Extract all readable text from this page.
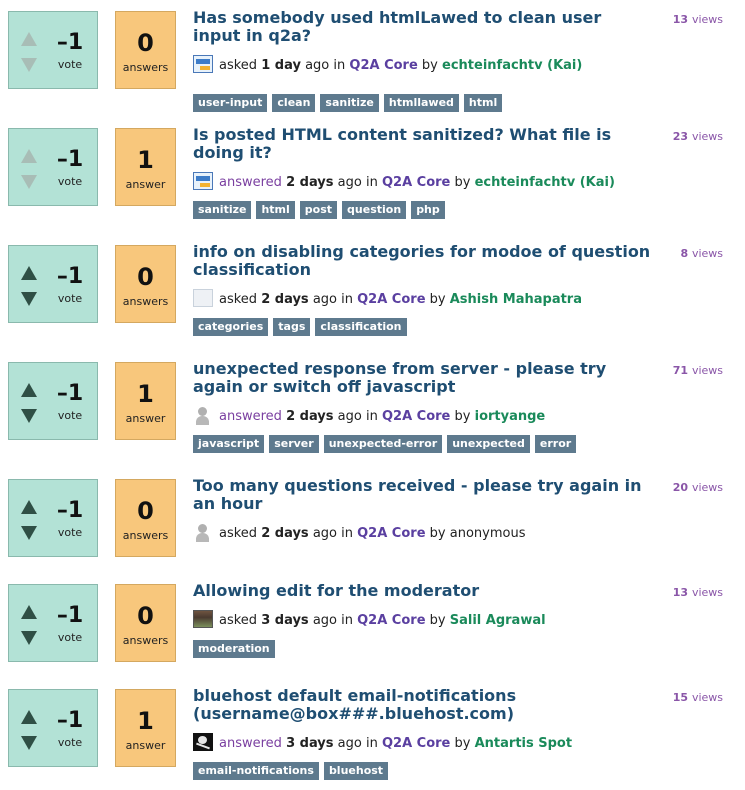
–1
vote
0
answers
Has somebody used htmlLawed to clean user input in q2a?
13 views
asked 1 day ago in Q2A Core by echteinfachtv (Kai)
user-input clean sanitize htmllawed html
–1
vote
1
answer
Is posted HTML content sanitized? What file is doing it?
23 views
answered 2 days ago in Q2A Core by echteinfachtv (Kai)
sanitize html post question php
–1
vote
0
answers
info on disabling categories for modoe of question classification
8 views
asked 2 days ago in Q2A Core by Ashish Mahapatra
categories tags classification
–1
vote
1
answer
unexpected response from server - please try again or switch off javascript
71 views
answered 2 days ago in Q2A Core by iortyange
javascript server unexpected-error unexpected error
–1
vote
0
answers
Too many questions received - please try again in an hour
20 views
asked 2 days ago in Q2A Core by anonymous
–1
vote
0
answers
Allowing edit for the moderator	13 views
asked 3 days ago in Q2A Core by Salil Agrawal
moderation
–1
vote
1
answer
bluehost default email-notifications (username@box###.bluehost.com)
15 views
answered 3 days ago in Q2A Core by Antartis Spot
email-notifications bluehost
